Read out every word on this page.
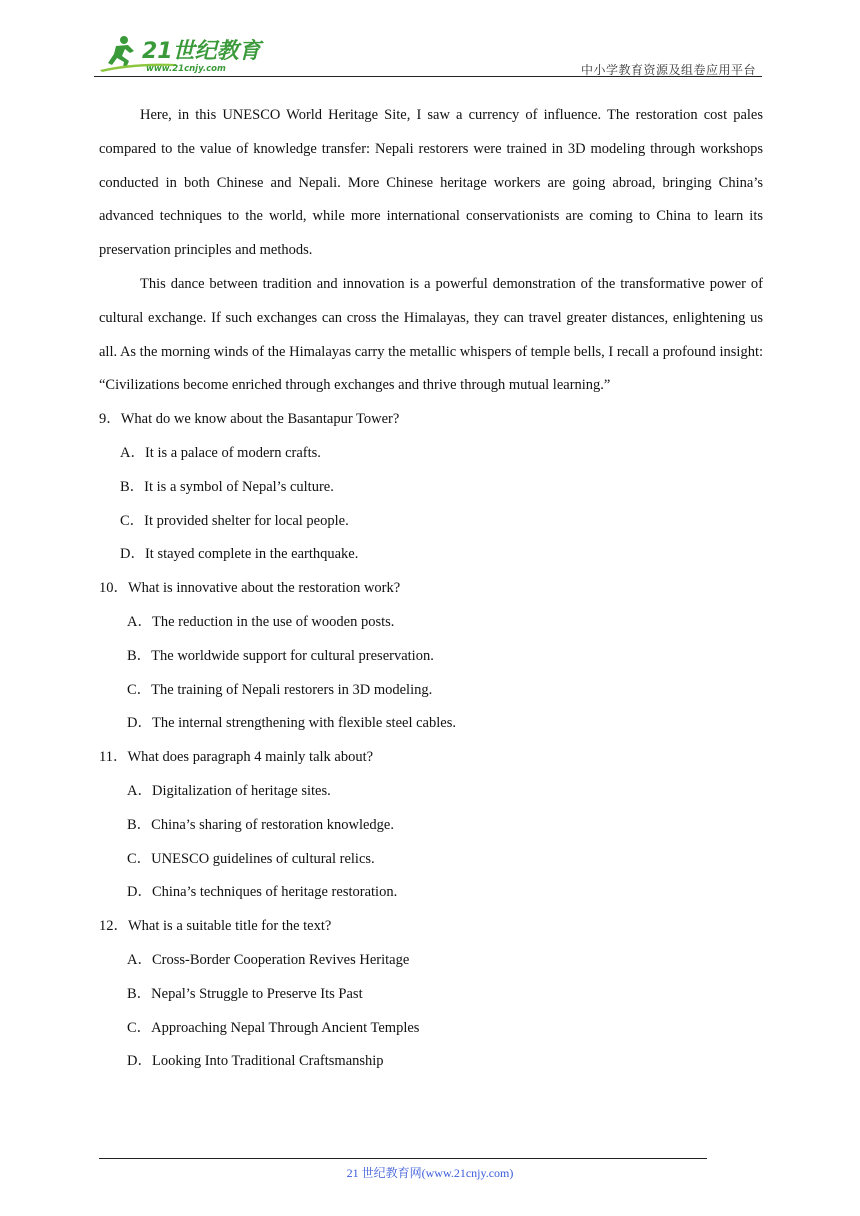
21世纪教育
www.21cnjy.com	中小学教育资源及组卷应用平台

Here, in this UNESCO World Heritage Site, I saw a currency of influence. The restoration cost pales compared to the value of knowledge transfer: Nepali restorers were trained in 3D modeling through workshops conducted in both Chinese and Nepali. More Chinese heritage workers are going abroad, bringing China’s advanced techniques to the world, while more international conservationists are coming to China to learn its preservation principles and methods.

This dance between tradition and innovation is a powerful demonstration of the transformative power of cultural exchange. If such exchanges can cross the Himalayas, they can travel greater distances, enlightening us all. As the morning winds of the Himalayas carry the metallic whispers of temple bells, I recall a profound insight: “Civilizations become enriched through exchanges and thrive through mutual learning.”

9．What do we know about the Basantapur Tower?

A．It is a palace of modern crafts.

B．It is a symbol of Nepal’s culture.

C．It provided shelter for local people.

D．It stayed complete in the earthquake.

10．What is innovative about the restoration work?

A．The reduction in the use of wooden posts.

B．The worldwide support for cultural preservation.

C．The training of Nepali restorers in 3D modeling.

D．The internal strengthening with flexible steel cables.

11．What does paragraph 4 mainly talk about?

A．Digitalization of heritage sites.

B．China’s sharing of restoration knowledge.

C．UNESCO guidelines of cultural relics.

D．China’s techniques of heritage restoration.

12．What is a suitable title for the text?

A．Cross-Border Cooperation Revives Heritage

B．Nepal’s Struggle to Preserve Its Past

C．Approaching Nepal Through Ancient Temples

D．Looking Into Traditional Craftsmanship

21 世纪教育网(www.21cnjy.com)
